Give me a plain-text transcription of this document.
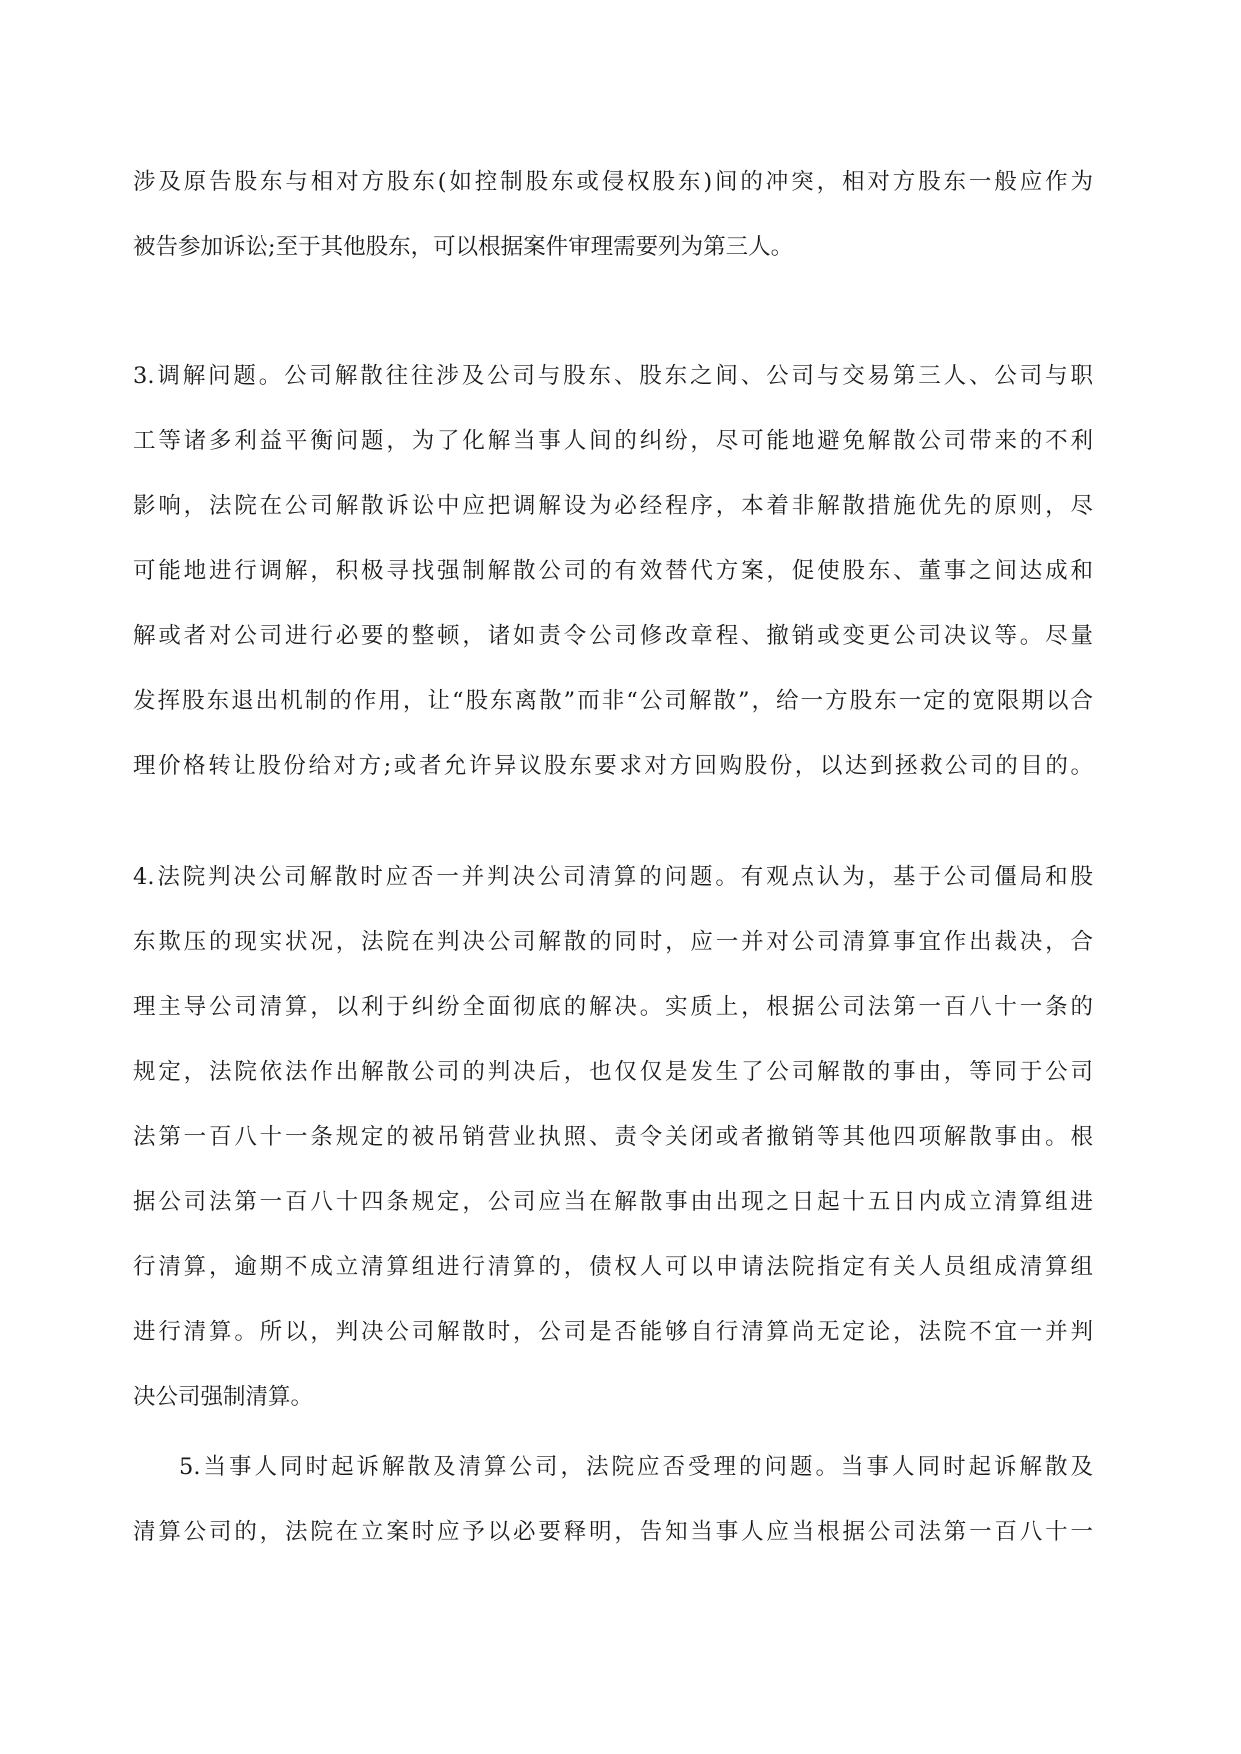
涉及原告股东与相对方股东(如控制股东或侵权股东)间的冲突，相对方股东一般应作为
被告参加诉讼;至于其他股东，可以根据案件审理需要列为第三人。
3.调解问题。公司解散往往涉及公司与股东、股东之间、公司与交易第三人、公司与职
工等诸多利益平衡问题，为了化解当事人间的纠纷，尽可能地避免解散公司带来的不利
影响，法院在公司解散诉讼中应把调解设为必经程序，本着非解散措施优先的原则，尽
可能地进行调解，积极寻找强制解散公司的有效替代方案，促使股东、董事之间达成和
解或者对公司进行必要的整顿，诸如责令公司修改章程、撤销或变更公司决议等。尽量
发挥股东退出机制的作用，让“股东离散”而非“公司解散”，给一方股东一定的宽限期以合
理价格转让股份给对方;或者允许异议股东要求对方回购股份，以达到拯救公司的目的。
4.法院判决公司解散时应否一并判决公司清算的问题。有观点认为，基于公司僵局和股
东欺压的现实状况，法院在判决公司解散的同时，应一并对公司清算事宜作出裁决，合
理主导公司清算，以利于纠纷全面彻底的解决。实质上，根据公司法第一百八十一条的
规定，法院依法作出解散公司的判决后，也仅仅是发生了公司解散的事由，等同于公司
法第一百八十一条规定的被吊销营业执照、责令关闭或者撤销等其他四项解散事由。根
据公司法第一百八十四条规定，公司应当在解散事由出现之日起十五日内成立清算组进
行清算，逾期不成立清算组进行清算的，债权人可以申请法院指定有关人员组成清算组
进行清算。所以，判决公司解散时，公司是否能够自行清算尚无定论，法院不宜一并判
决公司强制清算。
5.当事人同时起诉解散及清算公司，法院应否受理的问题。当事人同时起诉解散及
清算公司的，法院在立案时应予以必要释明，告知当事人应当根据公司法第一百八十一
